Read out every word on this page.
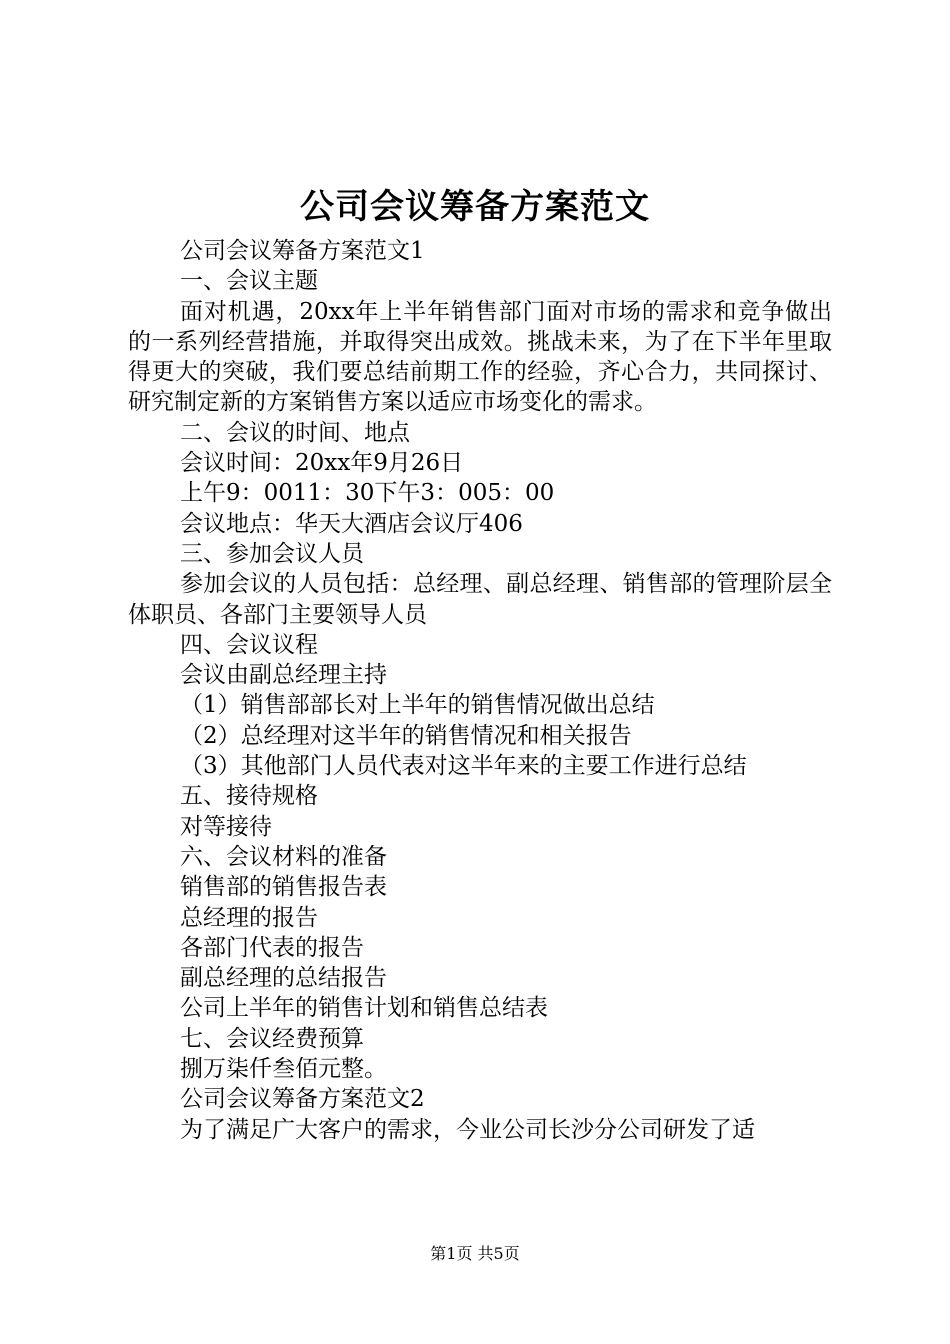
公司会议筹备方案范文

公司会议筹备方案范文1

一、会议主题

面对机遇，20xx年上半年销售部门面对市场的需求和竞争做出的一系列经营措施，并取得突出成效。挑战未来，为了在下半年里取得更大的突破，我们要总结前期工作的经验，齐心合力，共同探讨、研究制定新的方案销售方案以适应市场变化的需求。

二、会议的时间、地点

会议时间：20xx年9月26日

上午9：0011：30下午3：005：00

会议地点：华天大酒店会议厅406

三、参加会议人员

参加会议的人员包括：总经理、副总经理、销售部的管理阶层全体职员、各部门主要领导人员

四、会议议程

会议由副总经理主持

（1）销售部部长对上半年的销售情况做出总结

（2）总经理对这半年的销售情况和相关报告

（3）其他部门人员代表对这半年来的主要工作进行总结

五、接待规格

对等接待

六、会议材料的准备

销售部的销售报告表

总经理的报告

各部门代表的报告

副总经理的总结报告

公司上半年的销售计划和销售总结表

七、会议经费预算

捌万柒仟叁佰元整。

公司会议筹备方案范文2

为了满足广大客户的需求，今业公司长沙分公司研发了适

第1页 共5页
